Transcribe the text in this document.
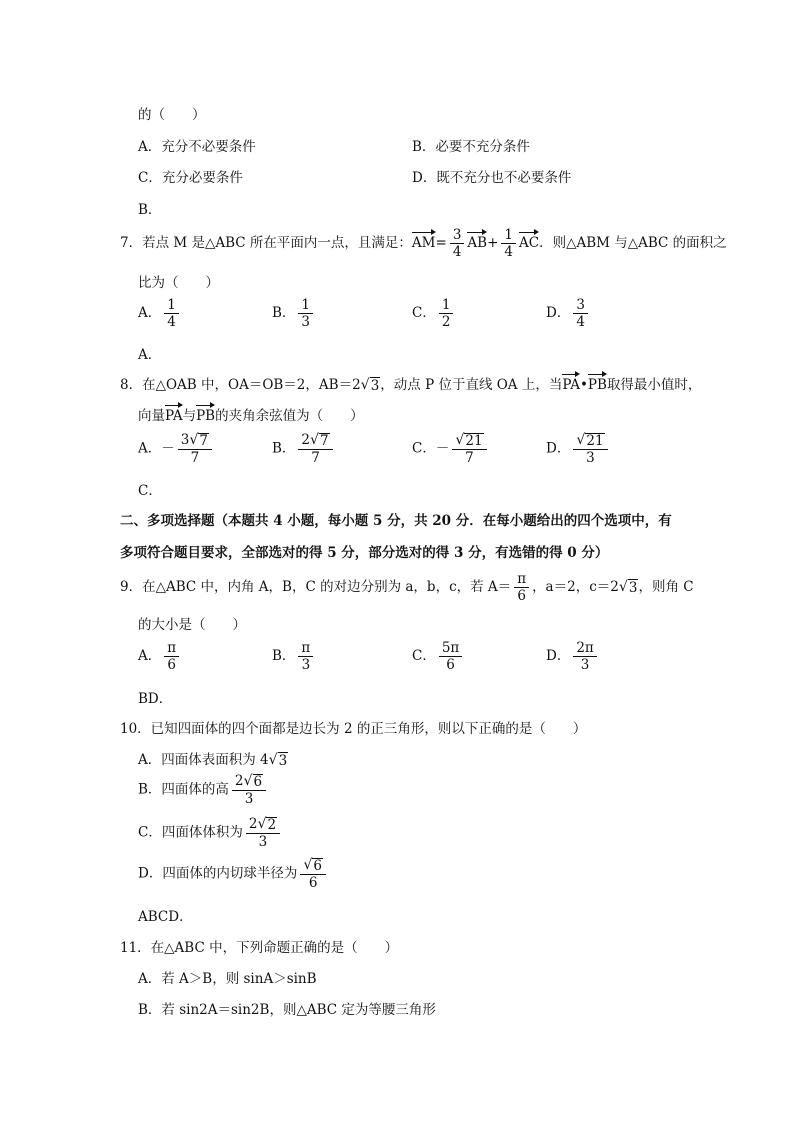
的（　　）
A．充分不必要条件	B．必要不充分条件
C．充分必要条件	D．既不充分也不必要条件
B．
7．若点 M 是△ABC 所在平面内一点，且满足：$AM= \frac{3}{4} AB+ \frac{1}{4}$ AC．则△ABM 与△ABC 的面积之
比为（　　）
A． $\frac{1}{4}$	B． $\frac{1}{3}$	C． $\frac{1}{2}$	D． $\frac{3}{4}$
A．
8．在△OAB 中，OA＝OB＝2，AB＝2 √ 3 ，动点 P 位于直线 OA 上，当PA•PB取得最小值时，
向量PA与PB的夹角余弦值为（　　）
A．－ $\frac{3 √ 7}{7}$	B． $\frac{2 √ 7}{7}$	C．－ $\frac{√ 21}{7}$	D． $\frac{√ 21}{3}$
C．
二、多项选择题（本题共 4 小题，每小题 5 分，共 20 分．在每小题给出的四个选项中，有
多项符合题目要求，全部选对的得 5 分，部分选对的得 3 分，有选错的得 0 分）
9．在△ABC 中，内角 A，B，C 的对边分别为 a，b，c，若 $A= \frac{\pi}{6}$ ，a＝2，c＝2 √ 3 ，则角 C
的大小是（　　）
A． $\frac{\pi}{6}$	B． $\frac{\pi}{3}$	C． $\frac{5\pi}{6}$	D． $\frac{2\pi}{3}$
BD．
10．已知四面体的四个面都是边长为 2 的正三角形，则以下正确的是（　　）
A．四面体表面积为 4 √ 3
B．四面体的高 $\frac{2 √ 6}{3}$
C．四面体体积为 $\frac{2 √ 2}{3}$
D．四面体的内切球半径为 $\frac{√ 6}{6}$
ABCD．
11．在△ABC 中，下列命题正确的是（　　）
A．若 A＞B，则 sinA＞sinB
B．若 sin2A＝sin2B，则△ABC 定为等腰三角形
